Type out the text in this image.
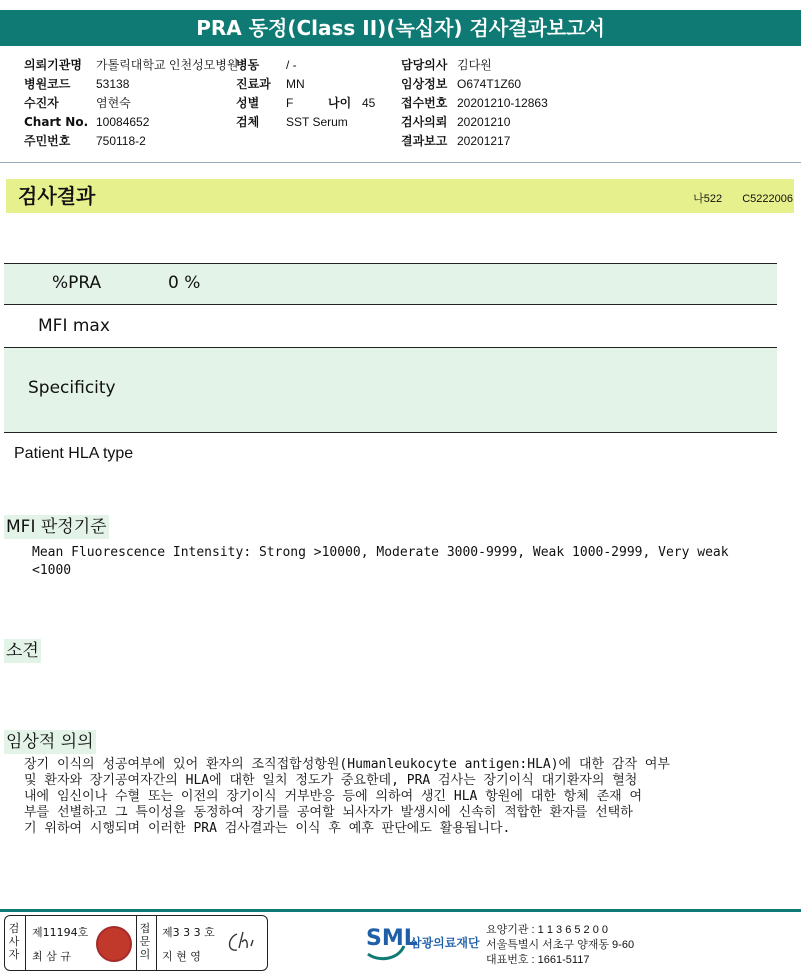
PRA 동정(Class II)(녹십자) 검사결과보고서
의뢰기관명 가톨릭대학교 인천성모병원
병원코드 53138
수진자	염현숙
Chart No. 10084652
주민번호 750118-2
병동 / -
진료과 MN
성별 F	나이 45
검체 SST Serum
담당의사 김다원
임상정보 O674T1Z60
접수번호 20201210-12863
검사의뢰 20201210
결과보고 20201217
검사결과	나522 C5222006
%PRA	0 %
MFI max
Specificity
Patient HLA type
MFI 판정기준
Mean Fluorescence Intensity: Strong >10000, Moderate 3000-9999, Weak 1000-2999, Very weak
<1000
소견
임상적 의의
장기 이식의 성공여부에 있어 환자의 조직접합성항원(Humanleukocyte antigen:HLA)에 대한 감작 여부
및 환자와 장기공여자간의 HLA에 대한 일치 정도가 중요한데, PRA 검사는 장기이식 대기환자의 혈청
내에 임신이나 수혈 또는 이전의 장기이식 거부반응 등에 의하여 생긴 HLA 항원에 대한 항체 존재 여
부를 선별하고 그 특이성을 동정하여 장기를 공여할 뇌사자가 발생시에 신속히 적합한 환자를 선택하
기 위하여 시행되며 이러한 PRA 검사결과는 이식 후 예후 판단에도 활용됩니다.
검
사
자
제11194호
최 삼 규
접
문
의
제3 3 3 호
지 현 영
SML
삼광의료재단
요양기관 : 1 1 3 6 5 2 0 0
서울특별시 서초구 양재동 9-60
대표번호 : 1661-5117
